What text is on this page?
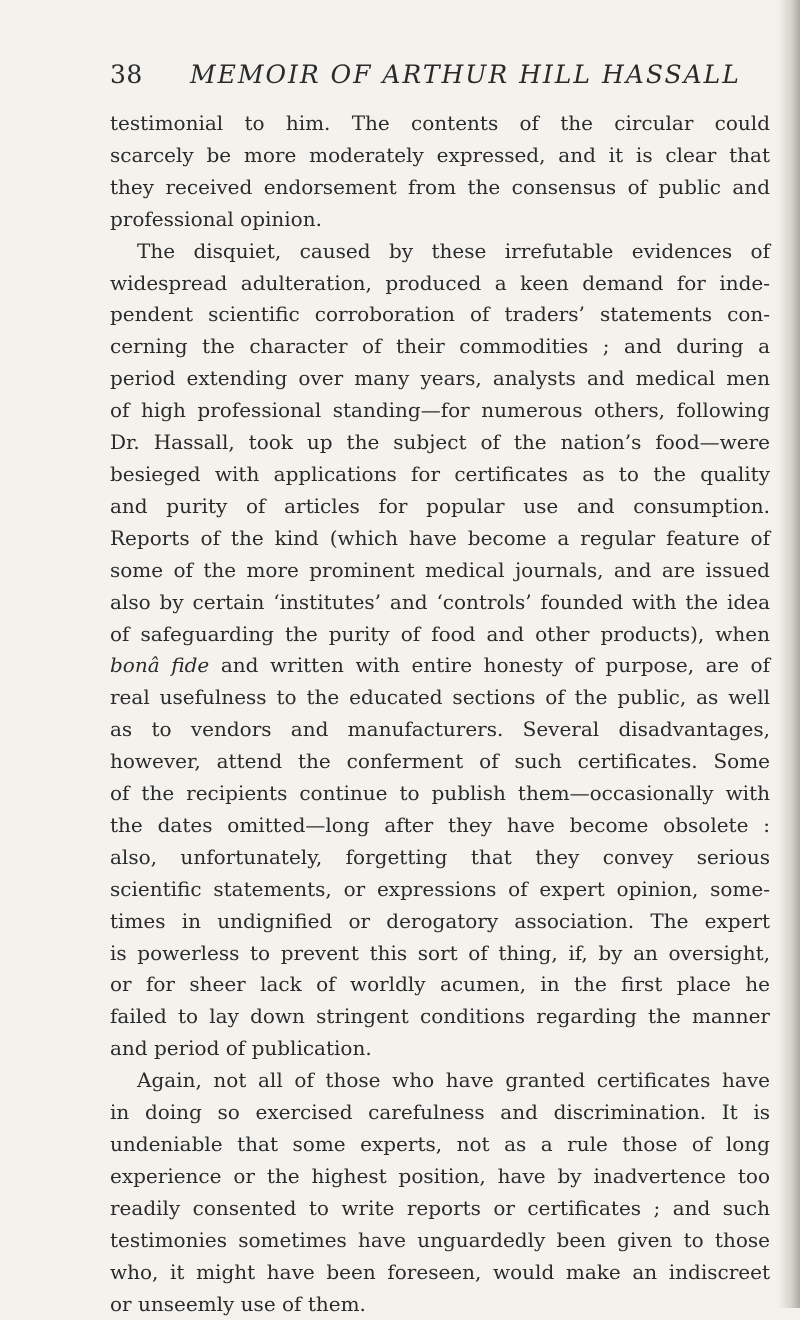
38 MEMOIR OF ARTHUR HILL HASSALL
testimonial to him. The contents of the circular could
scarcely be more moderately expressed, and it is clear that
they received endorsement from the consensus of public and
professional opinion.
The disquiet, caused by these irrefutable evidences of
widespread adulteration, produced a keen demand for inde-
pendent scientific corroboration of traders’ statements con-
cerning the character of their commodities ; and during a
period extending over many years, analysts and medical men
of high professional standing—for numerous others, following
Dr. Hassall, took up the subject of the nation’s food—were
besieged with applications for certificates as to the quality
and purity of articles for popular use and consumption.
Reports of the kind (which have become a regular feature of
some of the more prominent medical journals, and are issued
also by certain ‘institutes’ and ‘controls’ founded with the idea
of safeguarding the purity of food and other products), when
bonâ fide and written with entire honesty of purpose, are of
real usefulness to the educated sections of the public, as well
as to vendors and manufacturers. Several disadvantages,
however, attend the conferment of such certificates. Some
of the recipients continue to publish them—occasionally with
the dates omitted—long after they have become obsolete :
also, unfortunately, forgetting that they convey serious
scientific statements, or expressions of expert opinion, some-
times in undignified or derogatory association. The expert
is powerless to prevent this sort of thing, if, by an oversight,
or for sheer lack of worldly acumen, in the first place he
failed to lay down stringent conditions regarding the manner
and period of publication.
Again, not all of those who have granted certificates have
in doing so exercised carefulness and discrimination. It is
undeniable that some experts, not as a rule those of long
experience or the highest position, have by inadvertence too
readily consented to write reports or certificates ; and such
testimonies sometimes have unguardedly been given to those
who, it might have been foreseen, would make an indiscreet
or unseemly use of them.
